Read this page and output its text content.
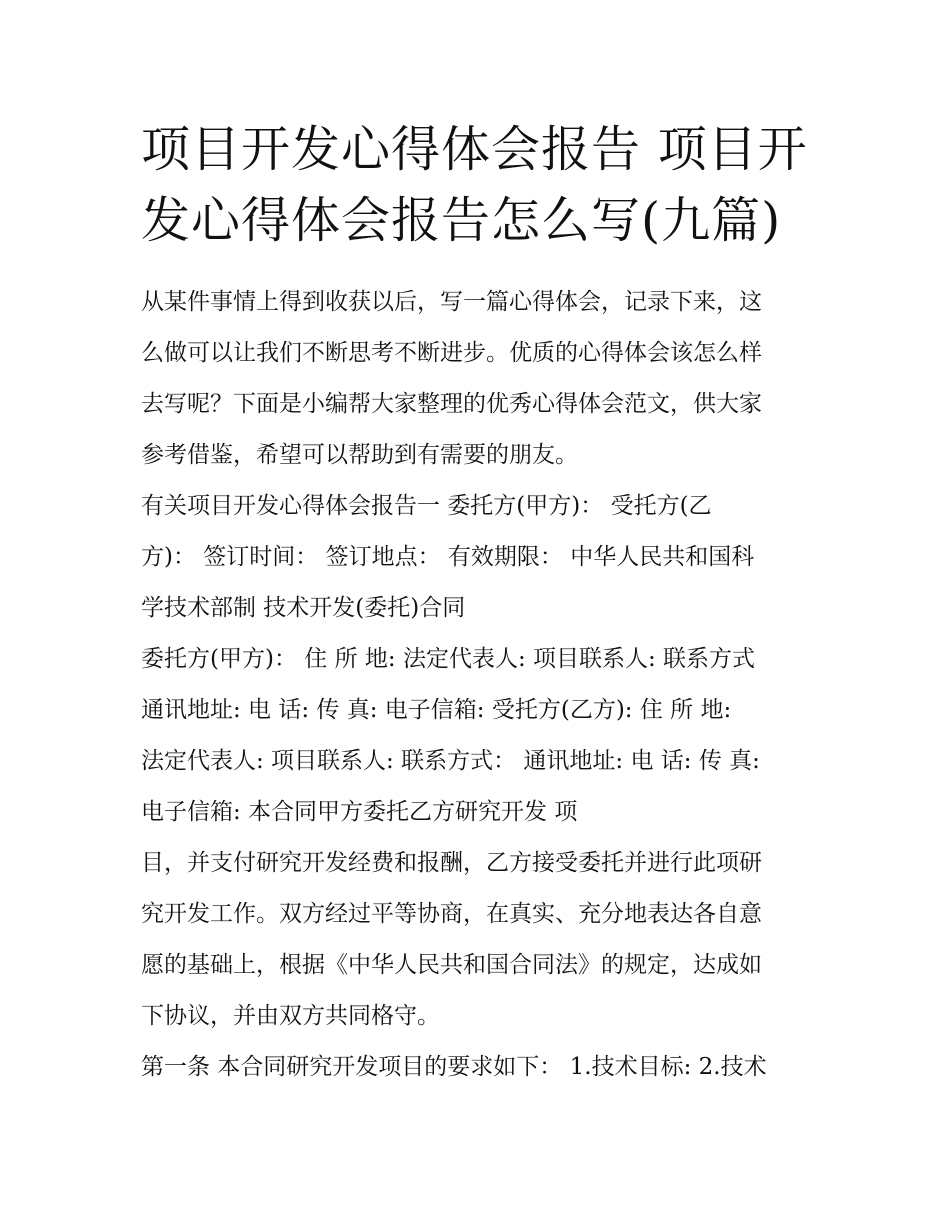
项目开发心得体会报告 项目开
发心得体会报告怎么写(九篇)

从某件事情上得到收获以后，写一篇心得体会，记录下来，这
么做可以让我们不断思考不断进步。优质的心得体会该怎么样
去写呢？下面是小编帮大家整理的优秀心得体会范文，供大家
参考借鉴，希望可以帮助到有需要的朋友。

有关项目开发心得体会报告一 委托方(甲方)： 受托方(乙
方)： 签订时间： 签订地点： 有效期限： 中华人民共和国科
学技术部制 技术开发(委托)合同

委托方(甲方)： 住 所 地: 法定代表人: 项目联系人: 联系方式
通讯地址: 电 话: 传 真: 电子信箱: 受托方(乙方): 住 所 地:
法定代表人: 项目联系人: 联系方式： 通讯地址: 电 话: 传 真:
电子信箱: 本合同甲方委托乙方研究开发 项

目，并支付研究开发经费和报酬，乙方接受委托并进行此项研
究开发工作。双方经过平等协商，在真实、充分地表达各自意
愿的基础上，根据《中华人民共和国合同法》的规定，达成如
下协议，并由双方共同格守。

第一条 本合同研究开发项目的要求如下： 1.技术目标: 2.技术
